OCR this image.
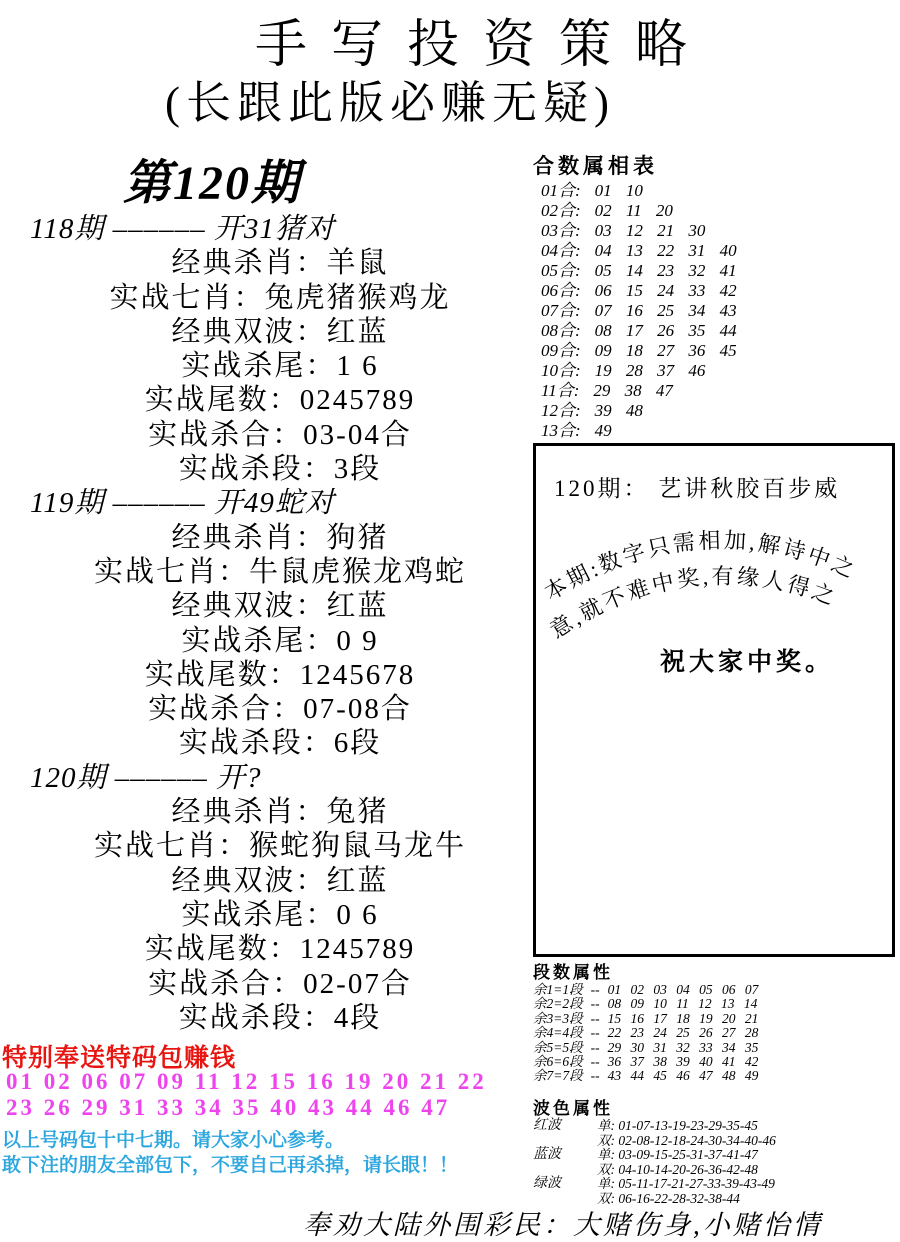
手写投资策略
(长跟此版必赚无疑)
第120期
118期 –––––– 开31猪对
经典杀肖：羊鼠
实战七肖：兔虎猪猴鸡龙
经典双波：红蓝
实战杀尾：1 6
实战尾数：0245789
实战杀合：03-04合
实战杀段：3段
119期 –––––– 开49蛇对
经典杀肖：狗猪
实战七肖：牛鼠虎猴龙鸡蛇
经典双波：红蓝
实战杀尾：0 9
实战尾数：1245678
实战杀合：07-08合
实战杀段：6段
120期 –––––– 开?
经典杀肖：兔猪
实战七肖：猴蛇狗鼠马龙牛
经典双波：红蓝
实战杀尾：0 6
实战尾数：1245789
实战杀合：02-07合
实战杀段：4段
合数属相表
01合: 01 10
02合: 02 11 20
03合: 03 12 21 30
04合: 04 13 22 31 40
05合: 05 14 23 32 41
06合: 06 15 24 33 42
07合: 07 16 25 34 43
08合: 08 17 26 35 44
09合: 09 18 27 36 45
10合: 19 28 37 46
11合: 29 38 47
12合: 39 48
13合: 49
120期： 艺讲秋胶百步威
本期:数字只需相加,解诗中之
意,就不难中奖,有缘人得之
祝大家中奖。
段数属性
余1=1段 -- 01 02 03 04 05 06 07
余2=2段 -- 08 09 10 11 12 13 14
余3=3段 -- 15 16 17 18 19 20 21
余4=4段 -- 22 23 24 25 26 27 28
余5=5段 -- 29 30 31 32 33 34 35
余6=6段 -- 36 37 38 39 40 41 42
余7=7段 -- 43 44 45 46 47 48 49
波色属性
红波	单: 01-07-13-19-23-29-35-45
双: 02-08-12-18-24-30-34-40-46
蓝波	单: 03-09-15-25-31-37-41-47
双: 04-10-14-20-26-36-42-48
绿波	单: 05-11-17-21-27-33-39-43-49
双: 06-16-22-28-32-38-44
特别奉送特码包赚钱
01 02 06 07 09 11 12 15 16 19 20 21 22
23 26 29 31 33 34 35 40 43 44 46 47
以上号码包十中七期。请大家小心参考。
敢下注的朋友全部包下，不要自己再杀掉，请长眼！！
奉劝大陆外围彩民：大赌伤身,小赌怡情
